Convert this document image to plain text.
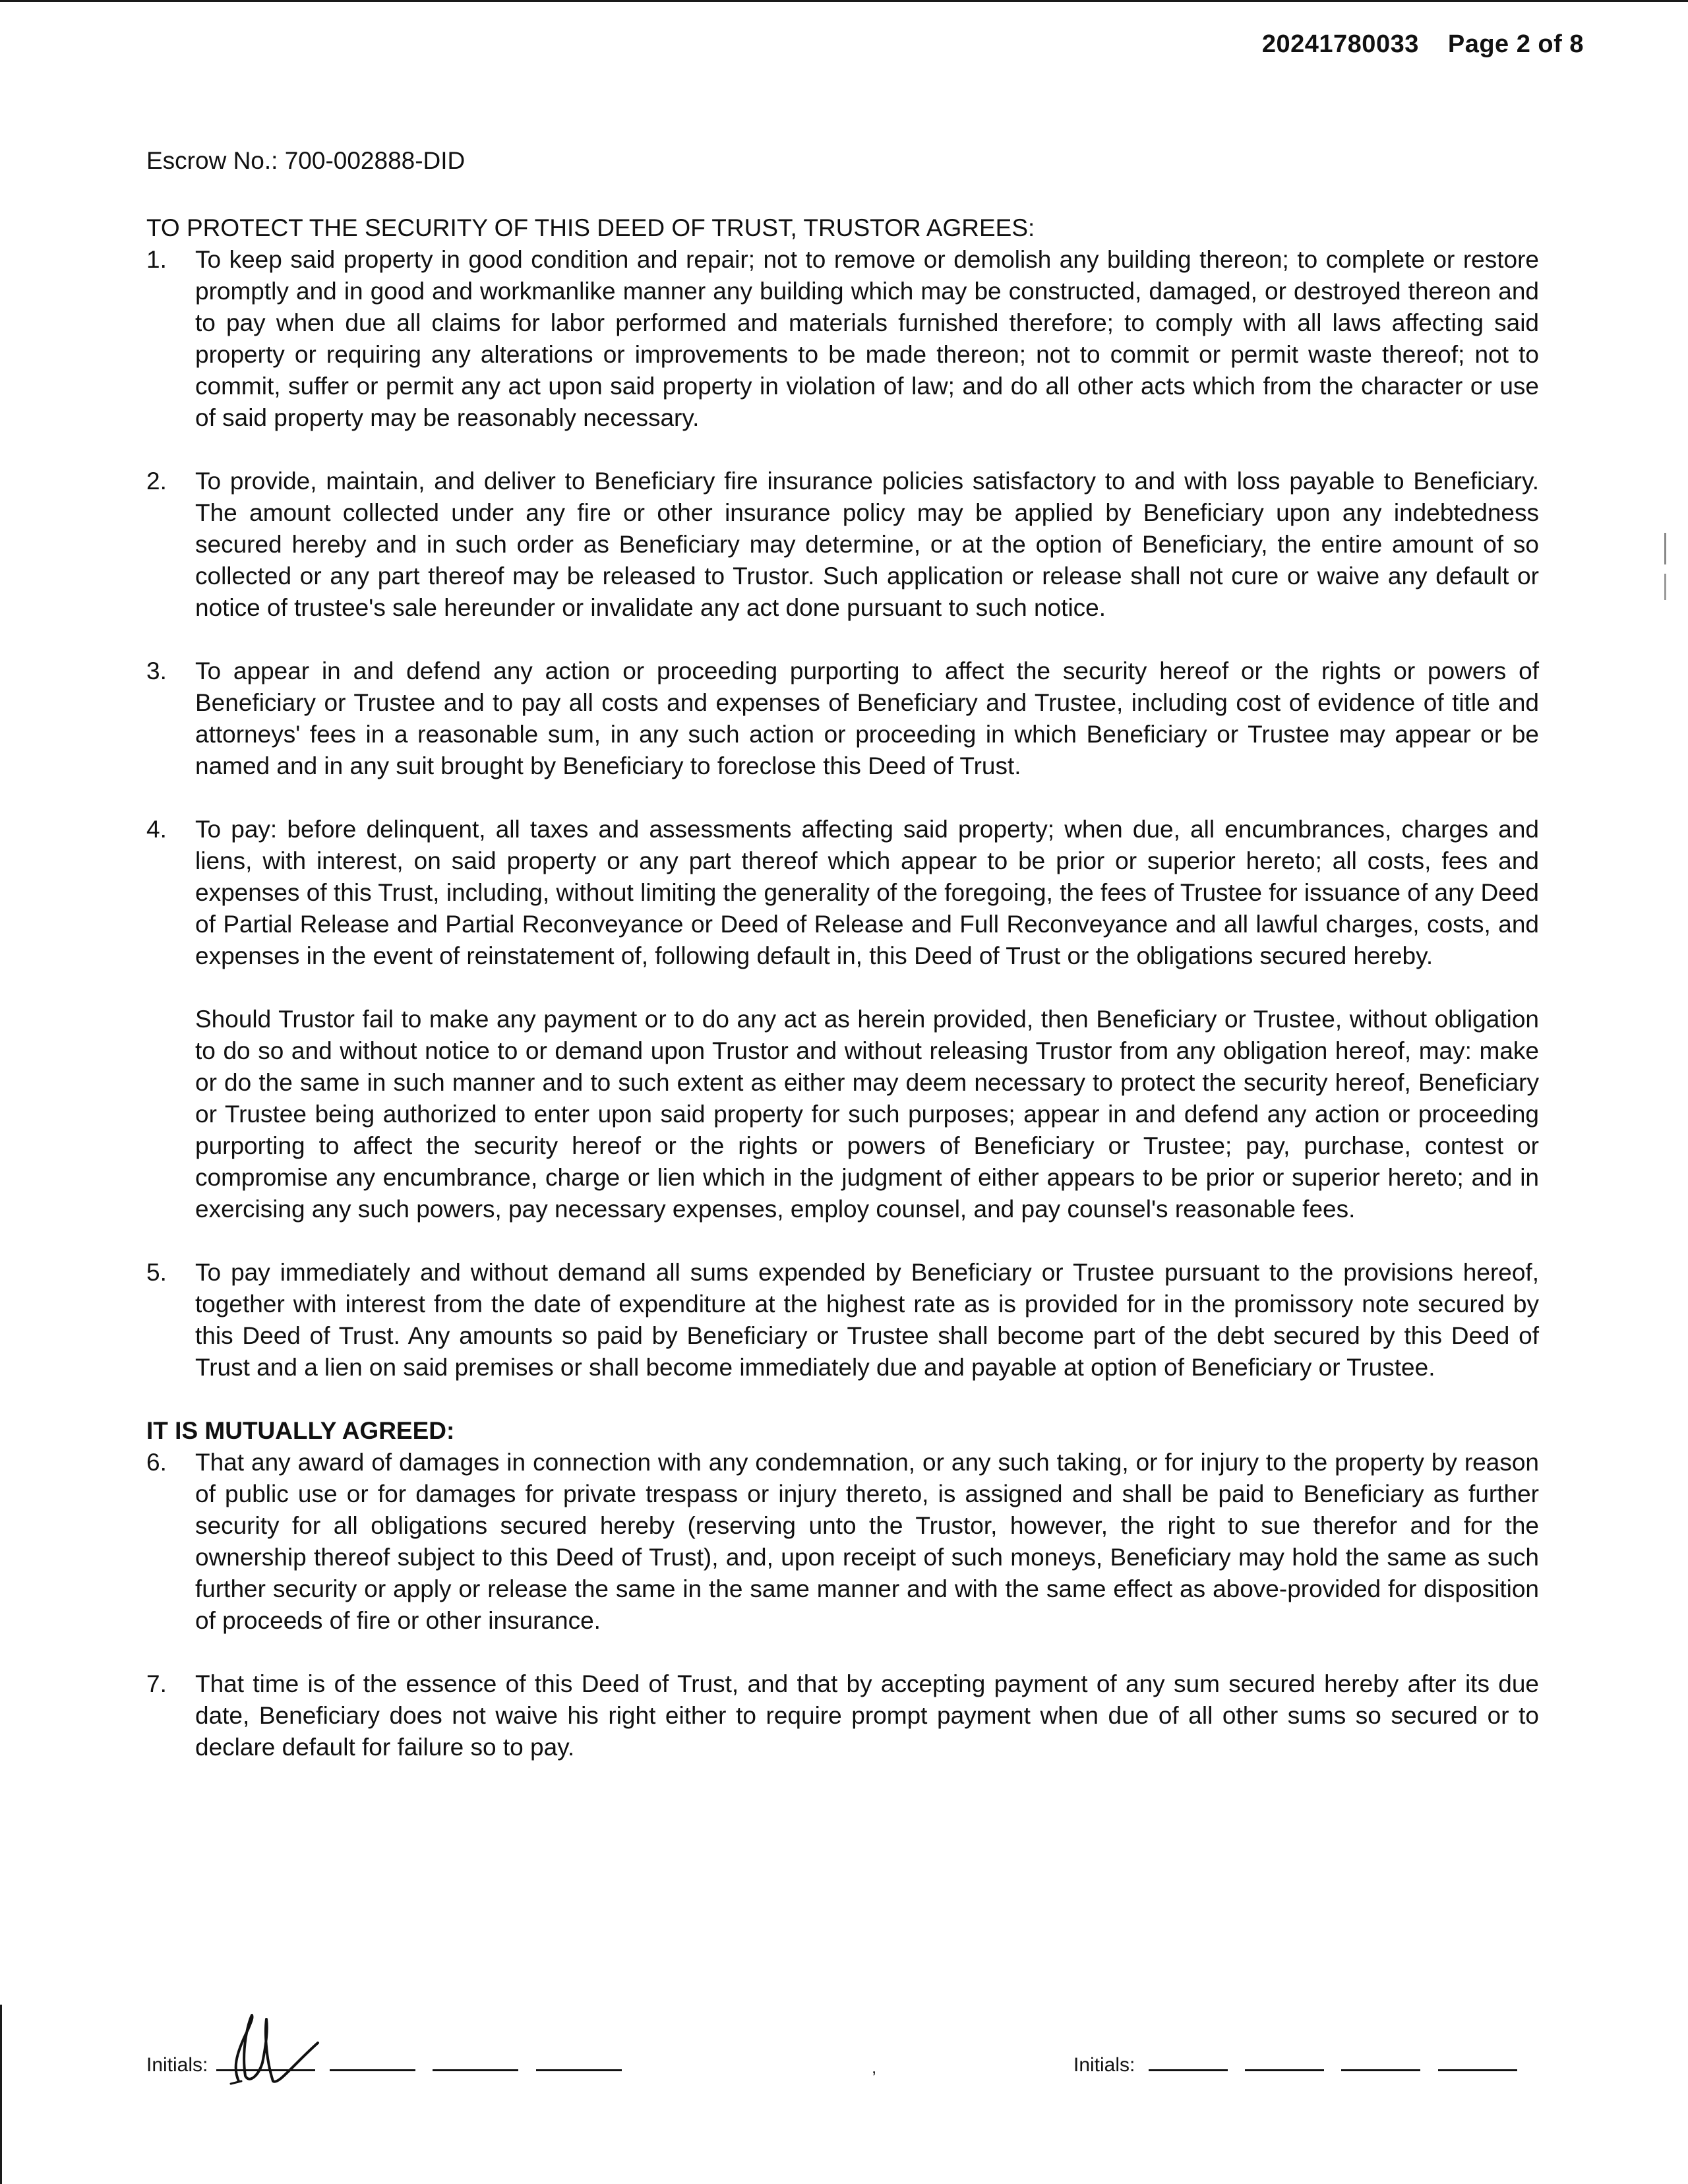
20241780033 Page 2 of 8

Escrow No.: 700-002888-DID

TO PROTECT THE SECURITY OF THIS DEED OF TRUST, TRUSTOR AGREES:

1.	To keep said property in good condition and repair; not to remove or demolish any building thereon; to complete or restore promptly and in good and workmanlike manner any building which may be constructed, damaged, or destroyed thereon and to pay when due all claims for labor performed and materials furnished therefore; to comply with all laws affecting said property or requiring any alterations or improvements to be made thereon; not to commit or permit waste thereof; not to commit, suffer or permit any act upon said property in violation of law; and do all other acts which from the character or use of said property may be reasonably necessary.

2.	To provide, maintain, and deliver to Beneficiary fire insurance policies satisfactory to and with loss payable to Beneficiary. The amount collected under any fire or other insurance policy may be applied by Beneficiary upon any indebtedness secured hereby and in such order as Beneficiary may determine, or at the option of Beneficiary, the entire amount of so collected or any part thereof may be released to Trustor. Such application or release shall not cure or waive any default or notice of trustee's sale hereunder or invalidate any act done pursuant to such notice.

3.	To appear in and defend any action or proceeding purporting to affect the security hereof or the rights or powers of Beneficiary or Trustee and to pay all costs and expenses of Beneficiary and Trustee, including cost of evidence of title and attorneys' fees in a reasonable sum, in any such action or proceeding in which Beneficiary or Trustee may appear or be named and in any suit brought by Beneficiary to foreclose this Deed of Trust.

4.	To pay: before delinquent, all taxes and assessments affecting said property; when due, all encumbrances, charges and liens, with interest, on said property or any part thereof which appear to be prior or superior hereto; all costs, fees and expenses of this Trust, including, without limiting the generality of the foregoing, the fees of Trustee for issuance of any Deed of Partial Release and Partial Reconveyance or Deed of Release and Full Reconveyance and all lawful charges, costs, and expenses in the event of reinstatement of, following default in, this Deed of Trust or the obligations secured hereby.

Should Trustor fail to make any payment or to do any act as herein provided, then Beneficiary or Trustee, without obligation to do so and without notice to or demand upon Trustor and without releasing Trustor from any obligation hereof, may: make or do the same in such manner and to such extent as either may deem necessary to protect the security hereof, Beneficiary or Trustee being authorized to enter upon said property for such purposes; appear in and defend any action or proceeding purporting to affect the security hereof or the rights or powers of Beneficiary or Trustee; pay, purchase, contest or compromise any encumbrance, charge or lien which in the judgment of either appears to be prior or superior hereto; and in exercising any such powers, pay necessary expenses, employ counsel, and pay counsel's reasonable fees.

5.	To pay immediately and without demand all sums expended by Beneficiary or Trustee pursuant to the provisions hereof, together with interest from the date of expenditure at the highest rate as is provided for in the promissory note secured by this Deed of Trust. Any amounts so paid by Beneficiary or Trustee shall become part of the debt secured by this Deed of Trust and a lien on said premises or shall become immediately due and payable at option of Beneficiary or Trustee.

IT IS MUTUALLY AGREED:

6.	That any award of damages in connection with any condemnation, or any such taking, or for injury to the property by reason of public use or for damages for private trespass or injury thereto, is assigned and shall be paid to Beneficiary as further security for all obligations secured hereby (reserving unto the Trustor, however, the right to sue therefor and for the ownership thereof subject to this Deed of Trust), and, upon receipt of such moneys, Beneficiary may hold the same as such further security or apply or release the same in the same manner and with the same effect as above-provided for disposition of proceeds of fire or other insurance.

7.	That time is of the essence of this Deed of Trust, and that by accepting payment of any sum secured hereby after its due date, Beneficiary does not waive his right either to require prompt payment when due of all other sums so secured or to declare default for failure so to pay.

Initials:	,	Initials:
